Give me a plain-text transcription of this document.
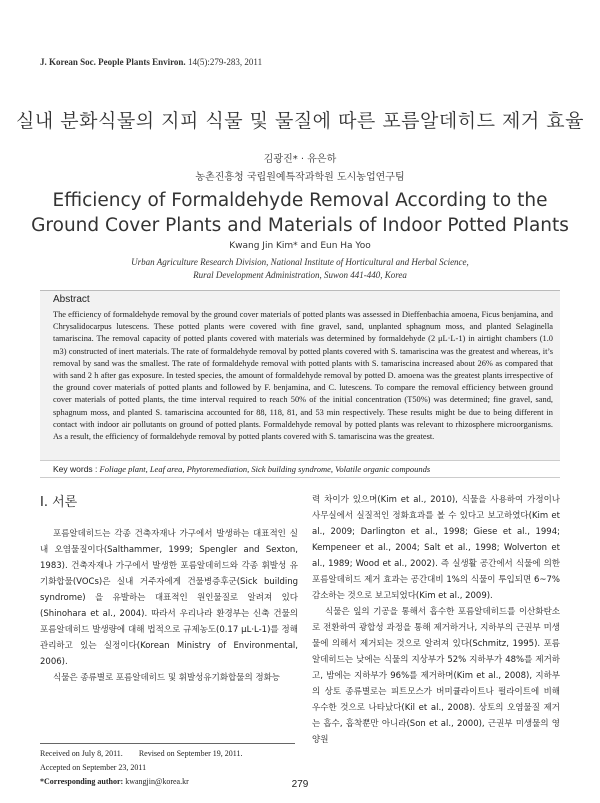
J. Korean Soc. People Plants Environ. 14(5):279-283, 2011
실내 분화식물의 지피 식물 및 물질에 따른 포름알데히드 제거 효율
김광진* · 유은하
농촌진흥청 국립원예특작과학원 도시농업연구팀
Efficiency of Formaldehyde Removal According to the Ground Cover Plants and Materials of Indoor Potted Plants
Kwang Jin Kim* and Eun Ha Yoo
Urban Agriculture Research Division, National Institute of Horticultural and Herbal Science,
Rural Development Administration, Suwon 441-440, Korea
Abstract
The efficiency of formaldehyde removal by the ground cover materials of potted plants was assessed in Dieffenbachia amoena, Ficus benjamina, and Chrysalidocarpus lutescens. These potted plants were covered with fine gravel, sand, unplanted sphagnum moss, and planted Selaginella tamariscina. The removal capacity of potted plants covered with materials was determined by formaldehyde (2 μL·L-1) in airtight chambers (1.0 m3) constructed of inert materials. The rate of formaldehyde removal by potted plants covered with S. tamariscina was the greatest and whereas, it’s removal by sand was the smallest. The rate of formaldehyde removal with potted plants with S. tamariscina increased about 26% as compared that with sand 2 h after gas exposure. In tested species, the amount of formaldehyde removal by potted D. amoena was the greatest plants irrespective of the ground cover materials of potted plants and followed by F. benjamina, and C. lutescens. To compare the removal efficiency between ground cover materials of potted plants, the time interval required to reach 50% of the initial concentration (T50%) was determined; fine gravel, sand, sphagnum moss, and planted S. tamariscina accounted for 88, 118, 81, and 53 min respectively. These results might be due to being different in contact with indoor air pollutants on ground of potted plants. Formaldehyde removal by potted plants was relevant to rhizosphere microorganisms. As a result, the efficiency of formaldehyde removal by potted plants covered with S. tamariscina was the greatest.
Key words : Foliage plant, Leaf area, Phytoremediation, Sick building syndrome, Volatile organic compounds
Ⅰ. 서론

포름알데히드는 각종 건축자재나 가구에서 발생하는 대표적인 실내 오염물질이다(Salthammer, 1999; Spengler and Sexton, 1983). 건축자재나 가구에서 발생한 포름알데히드와 각종 휘발성 유기화합물(VOCs)은 실내 거주자에게 건물병증후군(Sick building syndrome) 을 유발하는 대표적인 원인물질로 알려져 있다 (Shinohara et al., 2004). 따라서 우리나라 환경부는 신축 건물의 포름알데히드 발생량에 대해 법적으로 규제농도(0.17 μL·L-1)를 정해 관리하고 있는 실정이다(Korean Ministry of Environmental, 2006).

식물은 종류별로 포름알데히드 및 휘발성유기화합물의 정화능

력 차이가 있으며(Kim et al., 2010), 식물을 사용하여 가정이나 사무실에서 실질적인 정화효과를 볼 수 있다고 보고하였다(Kim et al., 2009; Darlington et al., 1998; Giese et al., 1994; Kempeneer et al., 2004; Salt et al., 1998; Wolverton et al., 1989; Wood et al., 2002). 즉 실생활 공간에서 식물에 의한 포름알데히드 제거 효과는 공간대비 1%의 식물이 투입되면 6~7% 감소하는 것으로 보고되었다(Kim et al., 2009).

식물은 잎의 기공을 통해서 흡수한 포름알데히드를 이산화탄소로 전환하여 광합성 과정을 통해 제거하거나, 지하부의 근권부 미생물에 의해서 제거되는 것으로 알려져 있다(Schmitz, 1995). 포름알데히드는 낮에는 식물의 지상부가 52% 지하부가 48%를 제거하고, 밤에는 지하부가 96%를 제거하며(Kim et al., 2008), 지하부의 상토 종류별로는 피트모스가 버미큘라이트나 펄라이트에 비해 우수한 것으로 나타났다(Kil et al., 2008). 상토의 오염물질 제거는 흡수, 흡착뿐만 아니라(Son et al., 2000), 근권부 미생물의 영양원

Received on July 8, 2011. Revised on September 19, 2011.
Accepted on September 23, 2011
*Corresponding author: kwangjin@korea.kr	279
